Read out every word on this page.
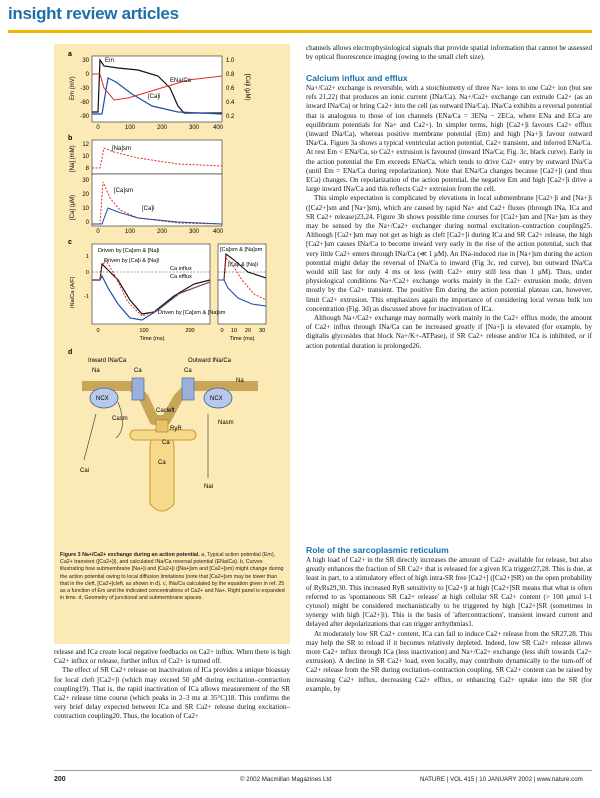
insight review articles
a
30
0
-30
-60
-90
1.0
0.8
0.6
0.4
0.2
Em (mV)	[Ca]i (μM)
Em
ENa/Ca
[Ca]i
0	100	200	300 400
b
12
10
8
30
20
10
0
[Na] (mM)
[Ca] (μM)
[Na]sm
[Ca]sm
[Ca]i
0	100	200	300 400
c
1
0
-1
INa/Ca (A/F)
Driven by [Ca]sm & [Na]i
Driven by [Ca]i & [Na]i
Ca influx
Ca efflux
Driven by [Ca]sm & [Na]sm
[Ca]sm & [Na]sm
[Ca]i & [Na]i
0	100	200	0 10 20 30
Time (ms)	Time (ms)
d
Inward INa/Ca	Outward INa/Ca
Na	Ca
NCX	NCX
Ca
Na
Casm
Nasm
Cacleft
Ca
Cai
Nai
RyR
Ca
Figure 3 Na+/Ca2+ exchange during an action potential. a, Typical action potential (Em), Ca2+ transient ([Ca2+]i), and calculated INa/Ca reversal potential (ENa/Ca). b, Curves illustrating how submembrane [Na+]i and [Ca2+]i ([Na+]sm and [Ca2+]sm) might change during the action potential owing to local diffusion limitations (note that [Ca2+]sm may be lower than that in the cleft, [Ca2+]cleft, as shown in d). c, INa/Ca calculated by the equation given in ref. 25 as a function of Em and the indicated concentrations of Ca2+ and Na+. Right panel is expanded in time. d, Geometry of junctional and submembrane spaces.

release and ICa create local negative feedbacks on Ca2+ influx. When there is high Ca2+ influx or release, further influx of Ca2+ is turned off.

The effect of SR Ca2+ release on inactivation of ICa provides a unique bioassay for local cleft [Ca2+]i (which may exceed 50 μM during excitation–contraction coupling19). That is, the rapid inactivation of ICa allows measurement of the SR Ca2+ release time course (which peaks in 2–3 ms at 35°C)18. This confirms the very brief delay expected between ICa and SR Ca2+ release during excitation–contraction coupling20. Thus, the location of Ca2+

channels allows electrophysiological signals that provide spatial information that cannot be assessed by optical fluorescence imaging (owing to the small cleft size).

Calcium influx and efflux

Na+/Ca2+ exchange is reversible, with a stoichiometry of three Na+ ions to one Ca2+ ion (but see refs 21,22) that produces an ionic current (INa/Ca). Na+/Ca2+ exchange can extrude Ca2+ (as an inward INa/Ca) or bring Ca2+ into the cell (as outward INa/Ca). INa/Ca exhibits a reversal potential that is analogous to those of ion channels (ENa/Ca = 3ENa − 2ECa, where ENa and ECa are equilibrium potentials for Na+ and Ca2+). In simpler terms, high [Ca2+]i favours Ca2+ efflux (inward INa/Ca), whereas positive membrane potential (Em) and high [Na+]i favour outward INa/Ca. Figure 3a shows a typical ventricular action potential, Ca2+ transient, and inferred ENa/Ca. At rest Em < ENa/Ca, so Ca2+ extrusion is favoured (inward INa/Ca; Fig. 3c, black curve). Early in the action potential the Em exceeds ENa/Ca, which tends to drive Ca2+ entry by outward INa/Ca (until Em = ENa/Ca during repolarization). Note that ENa/Ca changes because [Ca2+]i (and thus ECa) changes. On repolarization of the action potential, the negative Em and high [Ca2+]i drive a large inward INa/Ca and this reflects Ca2+ extrusion from the cell.

This simple expectation is complicated by elevations in local submembrane [Ca2+]i and [Na+]i ([Ca2+]sm and [Na+]sm), which are caused by rapid Na+ and Ca2+ fluxes (through INa, ICa and SR Ca2+ release)23,24. Figure 3b shows possible time courses for [Ca2+]sm and [Na+]sm as they may be sensed by the Na+/Ca2+ exchanger during normal excitation–contraction coupling25. Although [Ca2+]sm may not get as high as cleft [Ca2+]i during ICa and SR Ca2+ release, the high [Ca2+]sm causes INa/Ca to become inward very early in the rise of the action potential, such that very little Ca2+ enters through INa/Ca (≪ 1 μM). An INa-induced rise in [Na+]sm during the action potential might delay the reversal of INa/Ca to inward (Fig 3c, red curve), but outward INa/Ca would still last for only 4 ms or less (with Ca2+ entry still less than 1 μM). Thus, under physiological conditions Na+/Ca2+ exchange works mainly in the Ca2+ extrusion mode, driven mostly by the Ca2+ transient. The positive Em during the action potential plateau can, however, limit Ca2+ extrusion. This emphasizes again the importance of considering local versus bulk ion concentration (Fig. 3d) as discussed above for inactivation of ICa.

Although Na+/Ca2+ exchange may normally work mainly in the Ca2+ efflux mode, the amount of Ca2+ influx through INa/Ca can be increased greatly if [Na+]i is elevated (for example, by digitalis glycosides that block Na+/K+-ATPase), if SR Ca2+ release and/or ICa is inhibited, or if action potential duration is prolonged26.

Role of the sarcoplasmic reticulum

A high load of Ca2+ in the SR directly increases the amount of Ca2+ available for release, but also greatly enhances the fraction of SR Ca2+ that is released for a given ICa trigger27,28. This is due, at least in part, to a stimulatory effect of high intra-SR free [Ca2+] ([Ca2+]SR) on the open probability of RyRs29,30. This increased RyR sensitivity to [Ca2+]i at high [Ca2+]SR means that what is often referred to as 'spontaneous SR Ca2+ release' at high cellular SR Ca2+ content (> 100 μmol l-1 cytosol) might be considered mechanistically to be triggered by high [Ca2+]SR (sometimes in synergy with high [Ca2+]i). This is the basis of 'aftercontractions', transient inward current and delayed after depolarizations that can trigger arrhythmias1.

At moderately low SR Ca2+ content, ICa can fail to induce Ca2+ release from the SR27,28. This may help the SR to reload if it becomes relatively depleted. Indeed, low SR Ca2+ release allows more Ca2+ influx through ICa (less inactivation) and Na+/Ca2+ exchange (less shift towards Ca2+ extrusion). A decline in SR Ca2+ load, even locally, may contribute dynamically to the turn-off of Ca2+ release from the SR during excitation–contraction coupling. SR Ca2+ content can be raised by increasing Ca2+ influx, decreasing Ca2+ efflux, or enhancing Ca2+ uptake into the SR (for example, by

200	© 2002 Macmillan Magazines Ltd	NATURE | VOL 415 | 10 JANUARY 2002 | www.nature.com
